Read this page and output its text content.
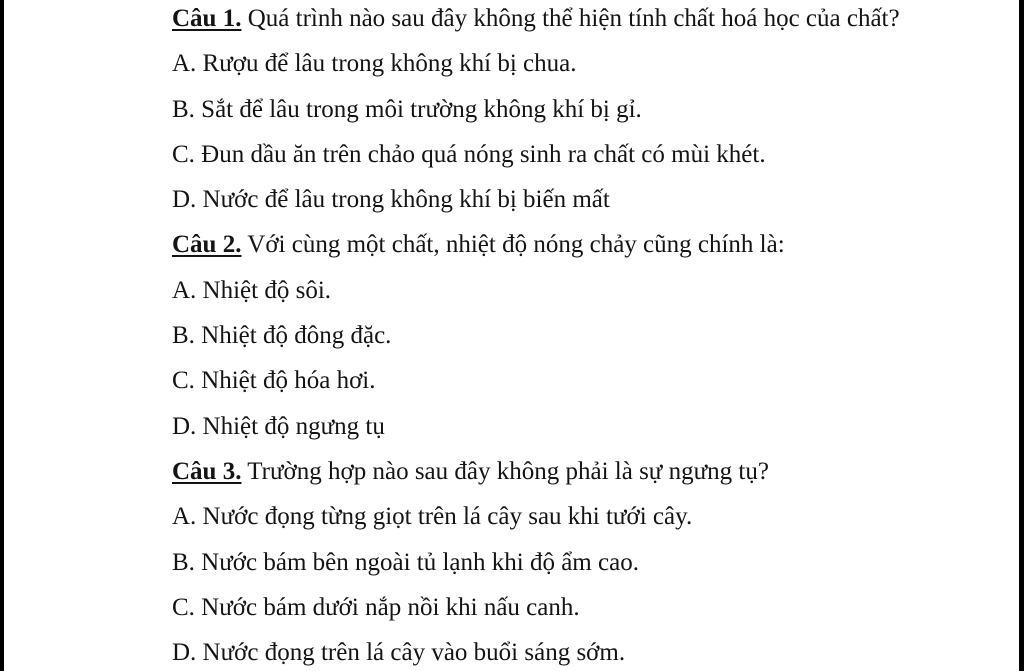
Câu 1. Quá trình nào sau đây không thể hiện tính chất hoá học của chất?
A. Rượu để lâu trong không khí bị chua.
B. Sắt để lâu trong môi trường không khí bị gỉ.
C. Đun dầu ăn trên chảo quá nóng sinh ra chất có mùi khét.
D. Nước để lâu trong không khí bị biến mất
Câu 2. Với cùng một chất, nhiệt độ nóng chảy cũng chính là:
A. Nhiệt độ sôi.
B. Nhiệt độ đông đặc.
C. Nhiệt độ hóa hơi.
D. Nhiệt độ ngưng tụ
Câu 3. Trường hợp nào sau đây không phải là sự ngưng tụ?
A. Nước đọng từng giọt trên lá cây sau khi tưới cây.
B. Nước bám bên ngoài tủ lạnh khi độ ẩm cao.
C. Nước bám dưới nắp nồi khi nấu canh.
D. Nước đọng trên lá cây vào buổi sáng sớm.
